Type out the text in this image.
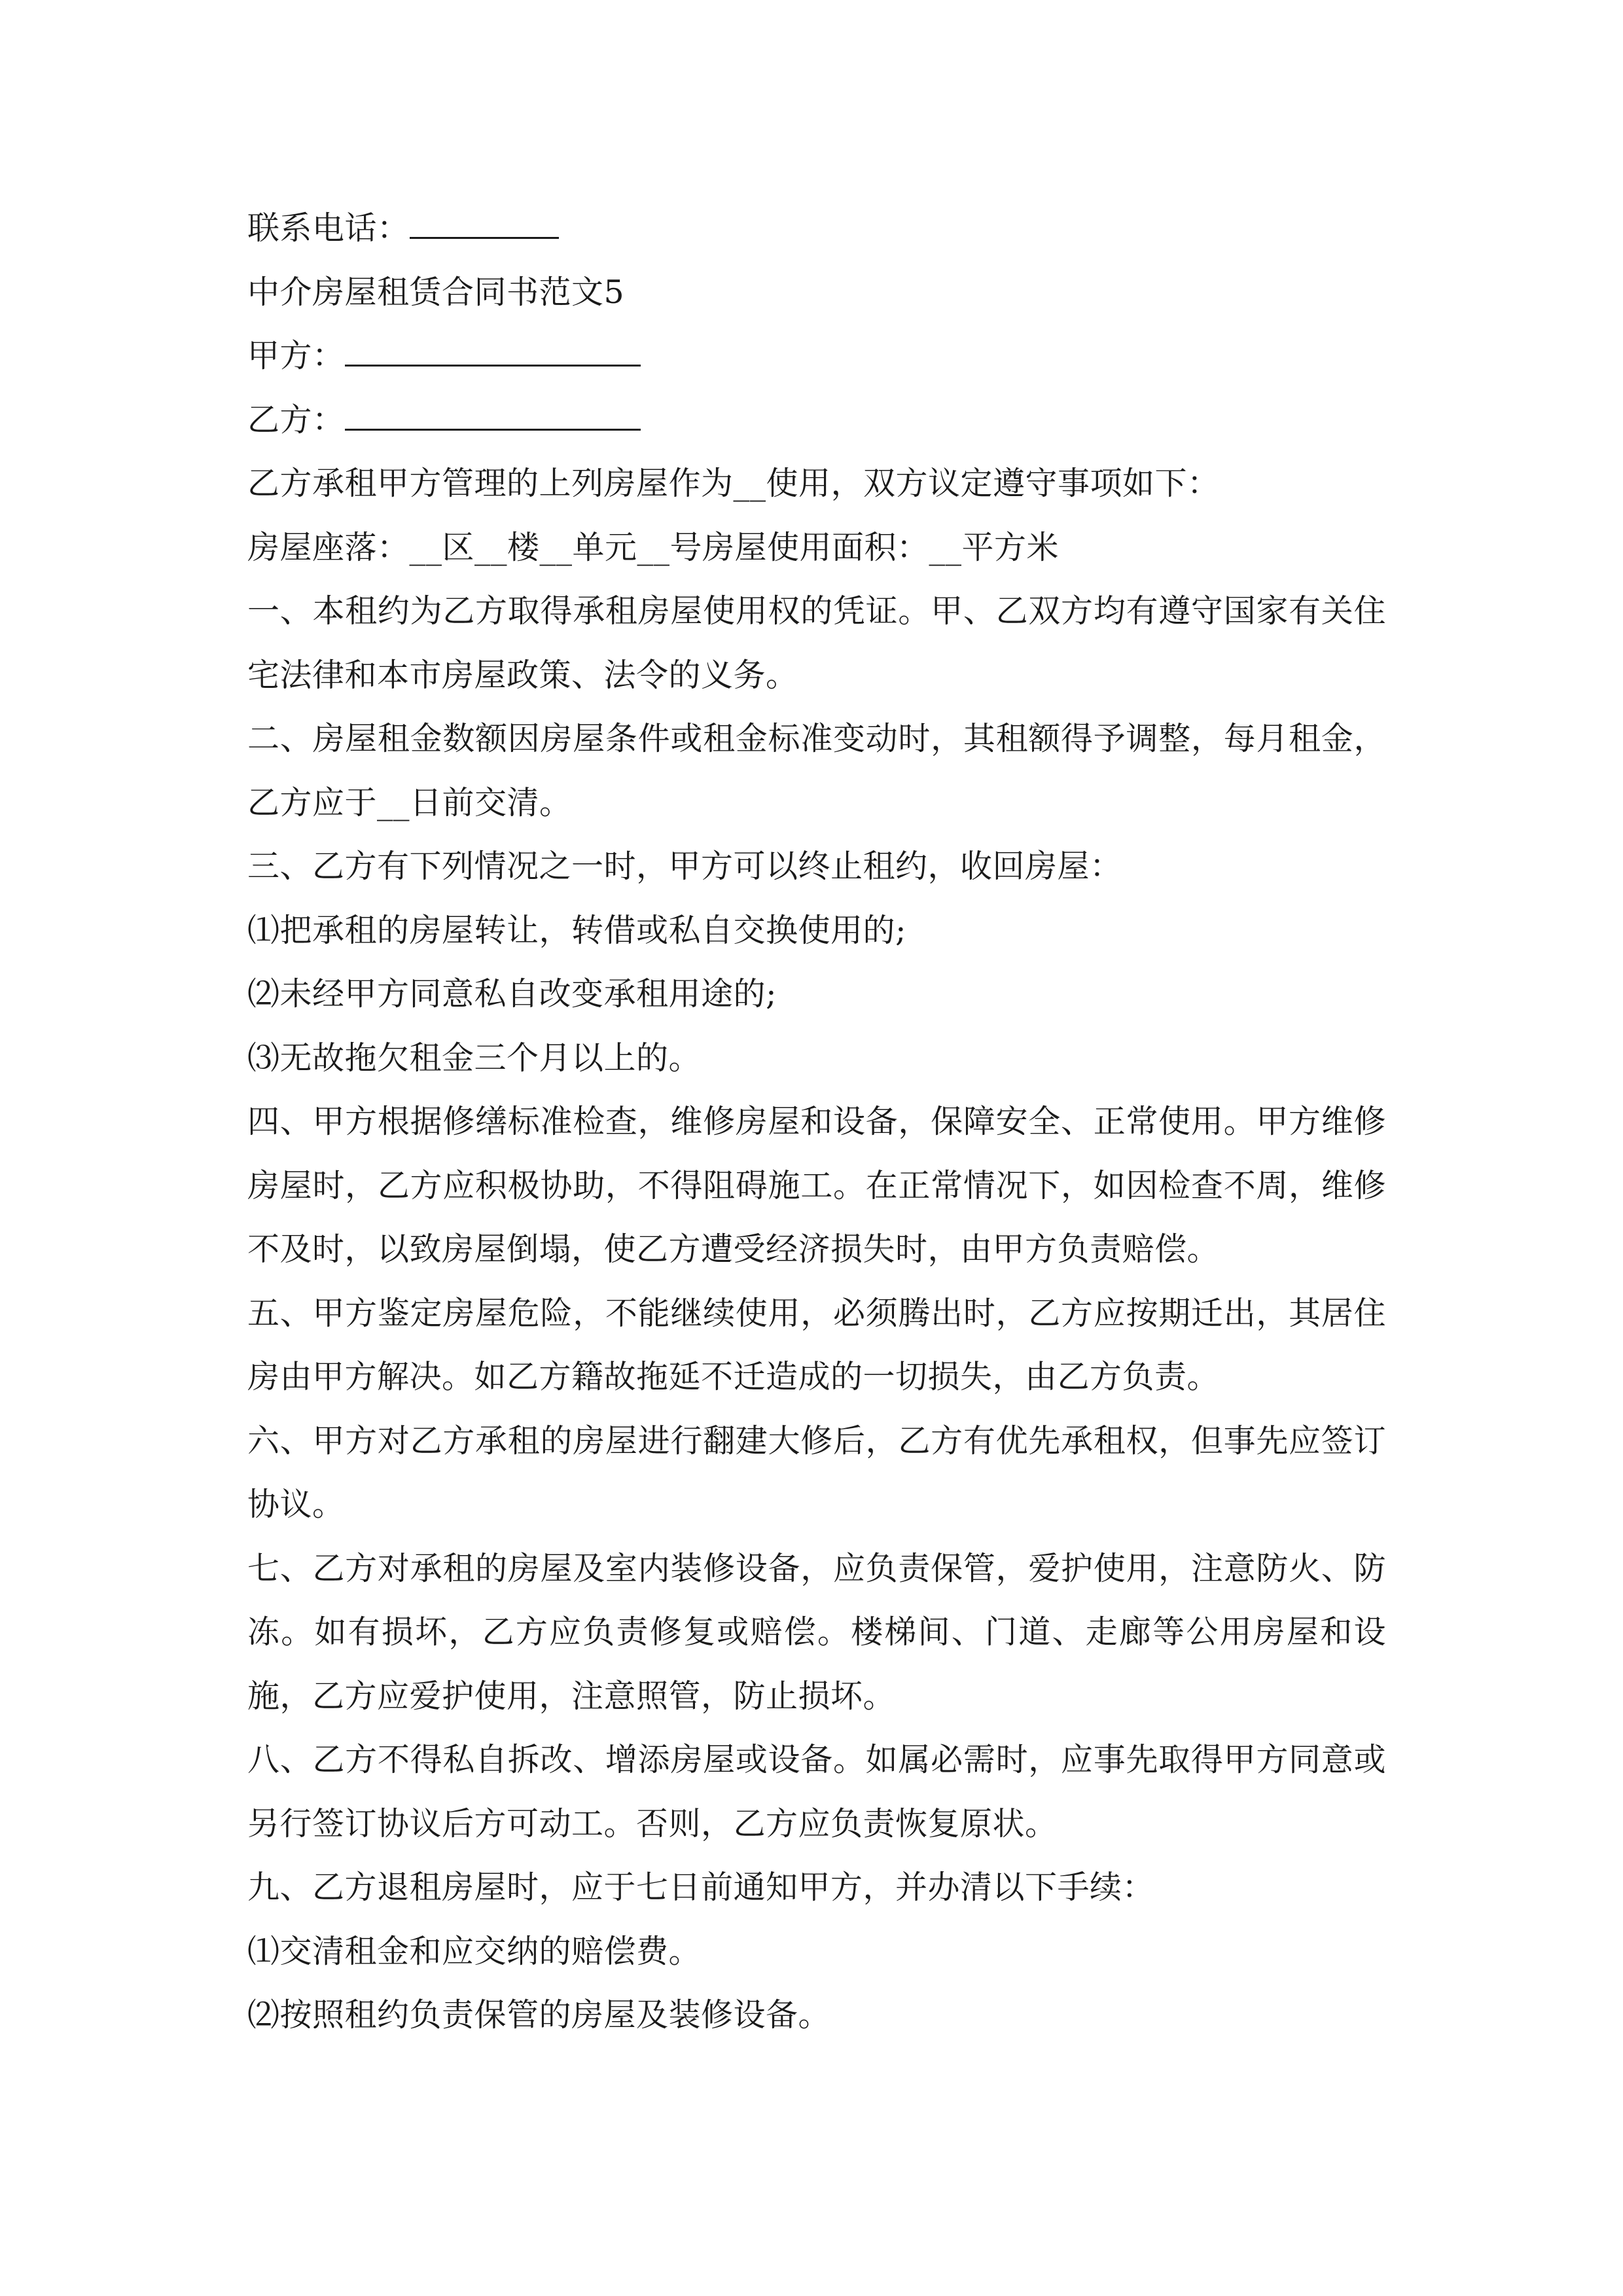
联系电话：
中介房屋租赁合同书范文5
甲方：
乙方：
乙方承租甲方管理的上列房屋作为__使用，双方议定遵守事项如下：
房屋座落：__区__楼__单元__号房屋使用面积：__平方米
一、本租约为乙方取得承租房屋使用权的凭证。甲、乙双方均有遵守国家有关住宅法律和本市房屋政策、法令的义务。
二、房屋租金数额因房屋条件或租金标准变动时，其租额得予调整，每月租金，乙方应于__日前交清。
三、乙方有下列情况之一时，甲方可以终止租约，收回房屋：
⑴把承租的房屋转让，转借或私自交换使用的;
⑵未经甲方同意私自改变承租用途的;
⑶无故拖欠租金三个月以上的。
四、甲方根据修缮标准检查，维修房屋和设备，保障安全、正常使用。甲方维修房屋时，乙方应积极协助，不得阻碍施工。在正常情况下，如因检查不周，维修不及时，以致房屋倒塌，使乙方遭受经济损失时，由甲方负责赔偿。
五、甲方鉴定房屋危险，不能继续使用，必须腾出时，乙方应按期迁出，其居住房由甲方解决。如乙方籍故拖延不迁造成的一切损失，由乙方负责。
六、甲方对乙方承租的房屋进行翻建大修后，乙方有优先承租权，但事先应签订协议。
七、乙方对承租的房屋及室内装修设备，应负责保管，爱护使用，注意防火、防冻。如有损坏，乙方应负责修复或赔偿。楼梯间、门道、走廊等公用房屋和设施，乙方应爱护使用，注意照管，防止损坏。
八、乙方不得私自拆改、增添房屋或设备。如属必需时，应事先取得甲方同意或另行签订协议后方可动工。否则，乙方应负责恢复原状。
九、乙方退租房屋时，应于七日前通知甲方，并办清以下手续：
⑴交清租金和应交纳的赔偿费。
⑵按照租约负责保管的房屋及装修设备。
